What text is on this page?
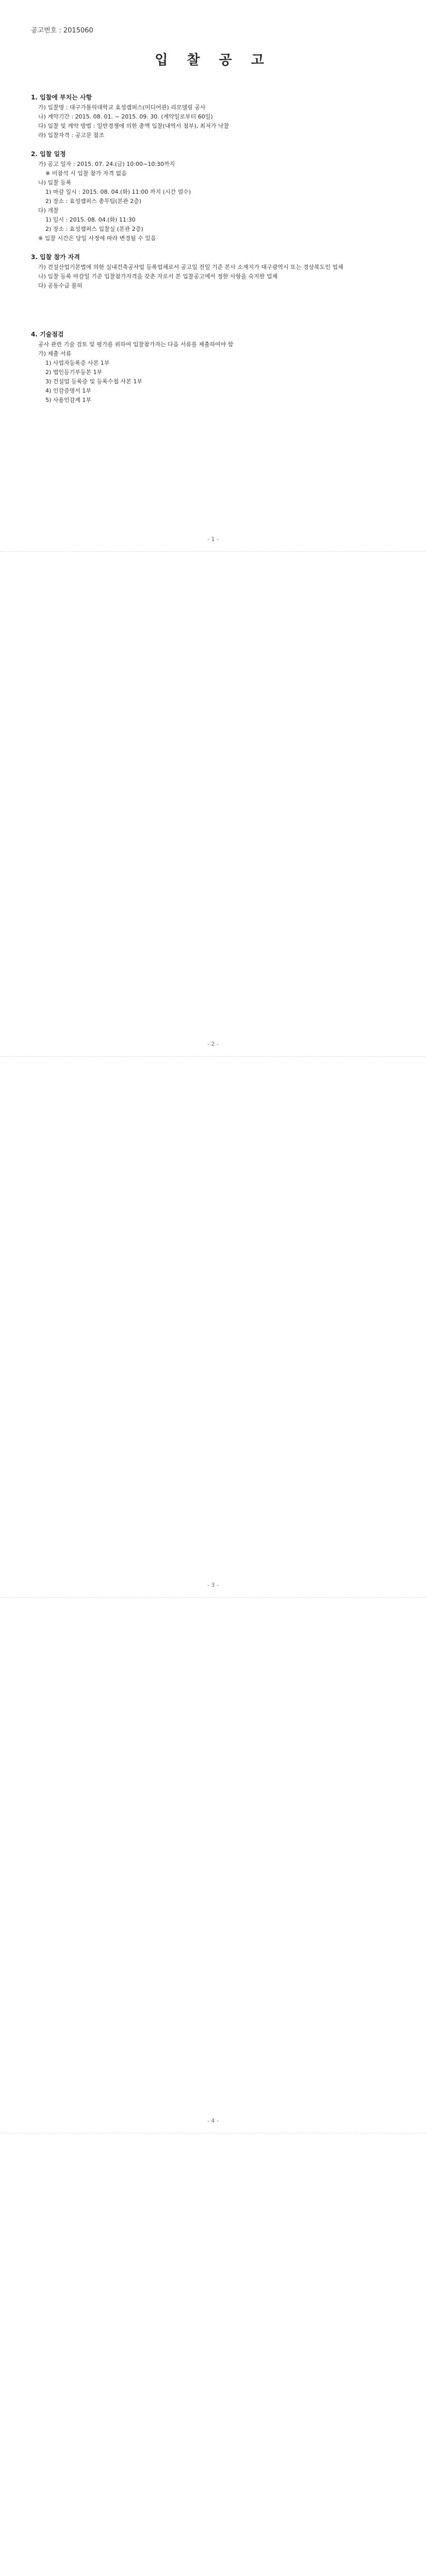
공고번호 : 2015060
입 찰 공 고
1. 입찰에 부치는 사항

가) 입찰명 : 대구가톨릭대학교 효성캠퍼스(미디어관) 리모델링 공사

나) 계약기간 : 2015. 08. 01. ~ 2015. 09. 30. (계약일로부터 60일)

다) 입찰 및 계약 방법 : 일반경쟁에 의한 총액 입찰(내역서 첨부), 최저가 낙찰

라) 입찰자격 : 공고문 참조

2. 입찰 일정

가) 공고 일자 : 2015. 07. 24.(금) 10:00~10:30까지

※ 미참석 시 입찰 참가 자격 없음

나) 입찰 등록

1) 마감 일시 : 2015. 08. 04.(화) 11:00 까지 (시간 엄수)

2) 장소 : 효성캠퍼스 총무팀(본관 2층)

다) 개찰

1) 일시 : 2015. 08. 04.(화) 11:30

2) 장소 : 효성캠퍼스 입찰실 (본관 2층)

※ 입찰 시간은 당일 사정에 따라 변경될 수 있음

3. 입찰 참가 자격

가) 건설산업기본법에 의한 실내건축공사업 등록업체로서 공고일 전일 기준 본사 소재지가 대구광역시 또는 경상북도인 업체

나) 입찰 등록 마감일 기준 입찰참가자격을 갖춘 자로서 본 입찰공고에서 정한 사항을 숙지한 업체

다) 공동수급 불허

4. 기술점검

공사 관련 기술 검토 및 평가를 위하여 입찰참가자는 다음 서류를 제출하여야 함

가) 제출 서류

1) 사업자등록증 사본 1부

2) 법인등기부등본 1부

3) 건설업 등록증 및 등록수첩 사본 1부

4) 인감증명서 1부

5) 사용인감계 1부

- 1 -
- 2 -
- 3 -
- 4 -
